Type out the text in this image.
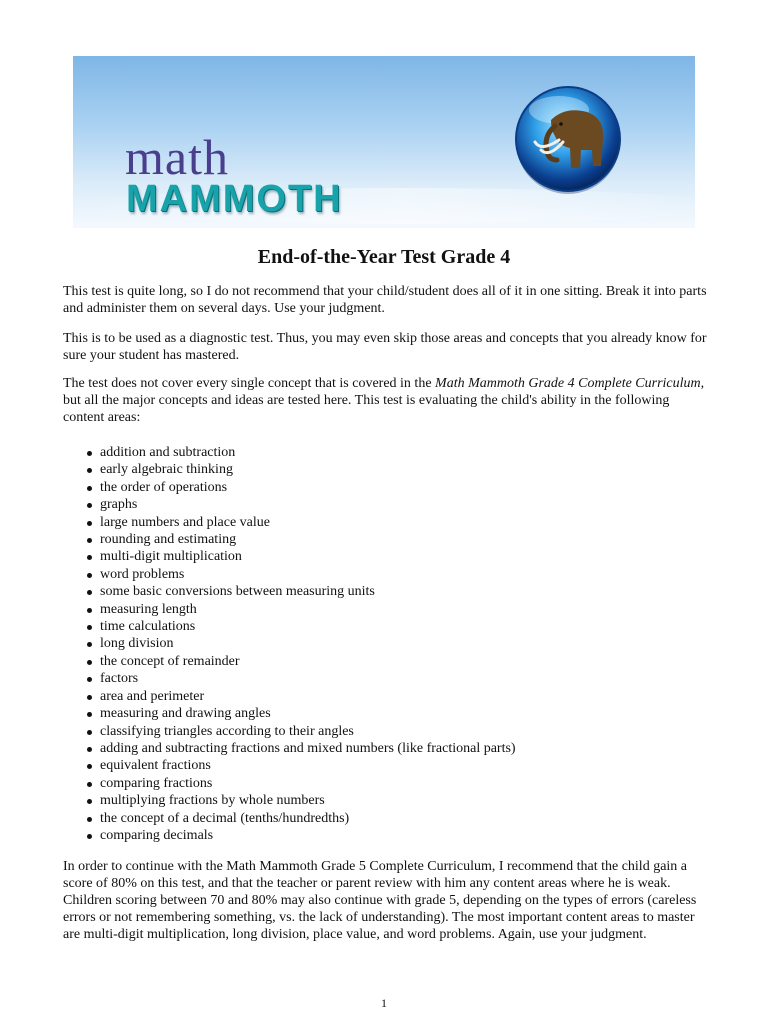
math
MAMMOTH
End-of-the-Year Test Grade 4

This test is quite long, so I do not recommend that your child/student does all of it in one sitting. Break it into parts and administer them on several days. Use your judgment.

This is to be used as a diagnostic test. Thus, you may even skip those areas and concepts that you already know for sure your student has mastered.

The test does not cover every single concept that is covered in the Math Mammoth Grade 4 Complete Curriculum, but all the major concepts and ideas are tested here. This test is evaluating the child's ability in the following content areas:

addition and subtraction
early algebraic thinking
the order of operations
graphs
large numbers and place value
rounding and estimating
multi-digit multiplication
word problems
some basic conversions between measuring units
measuring length
time calculations
long division
the concept of remainder
factors
area and perimeter
measuring and drawing angles
classifying triangles according to their angles
adding and subtracting fractions and mixed numbers (like fractional parts)
equivalent fractions
comparing fractions
multiplying fractions by whole numbers
the concept of a decimal (tenths/hundredths)
comparing decimals

In order to continue with the Math Mammoth Grade 5 Complete Curriculum, I recommend that the child gain a score of 80% on this test, and that the teacher or parent review with him any content areas where he is weak. Children scoring between 70 and 80% may also continue with grade 5, depending on the types of errors (careless errors or not remembering something, vs. the lack of understanding). The most important content areas to master are multi-digit multiplication, long division, place value, and word problems. Again, use your judgment.

1
